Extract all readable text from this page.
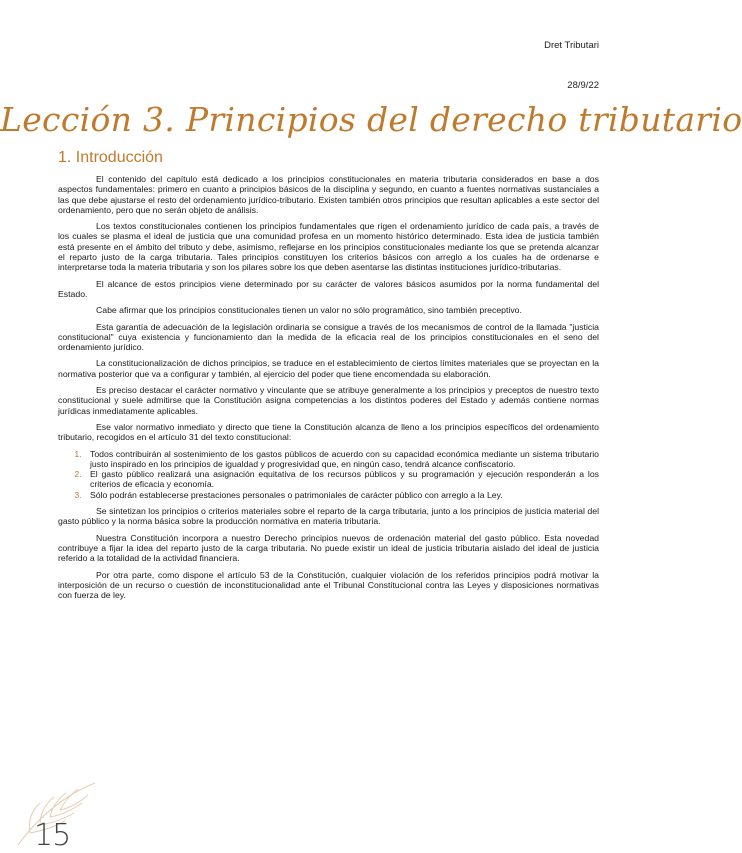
Dret Tributari
28/9/22
Lección 3. Principios del derecho tributario
1. Introducción

El contenido del capítulo está dedicado a los principios constitucionales en materia tributaria considerados en base a dos aspectos fundamentales: primero en cuanto a principios básicos de la disciplina y segundo, en cuanto a fuentes normativas sustanciales a las que debe ajustarse el resto del ordenamiento jurídico-tributario. Existen también otros principios que resultan aplicables a este sector del ordenamiento, pero que no serán objeto de análisis.

Los textos constitucionales contienen los principios fundamentales que rigen el ordenamiento jurídico de cada país, a través de los cuales se plasma el ideal de justicia que una comunidad profesa en un momento histórico determinado. Esta idea de justicia también está presente en el ámbito del tributo y debe, asimismo, reflejarse en los principios constitucionales mediante los que se pretenda alcanzar el reparto justo de la carga tributaria. Tales principios constituyen los criterios básicos con arreglo a los cuales ha de ordenarse e interpretarse toda la materia tributaria y son los pilares sobre los que deben asentarse las distintas instituciones jurídico-tributarias.

El alcance de estos principios viene determinado por su carácter de valores básicos asumidos por la norma fundamental del Estado.

Cabe afirmar que los principios constitucionales tienen un valor no sólo programático, sino también preceptivo.

Esta garantía de adecuación de la legislación ordinaria se consigue a través de los mecanismos de control de la llamada "justicia constitucional" cuya existencia y funcionamiento dan la medida de la eficacia real de los principios constitucionales en el seno del ordenamiento jurídico.

La constitucionalización de dichos principios, se traduce en el establecimiento de ciertos límites materiales que se proyectan en la normativa posterior que va a configurar y también, al ejercicio del poder que tiene encomendada su elaboración.

Es preciso destacar el carácter normativo y vinculante que se atribuye generalmente a los principios y preceptos de nuestro texto constitucional y suele admitirse que la Constitución asigna competencias a los distintos poderes del Estado y además contiene normas jurídicas inmediatamente aplicables.

Ese valor normativo inmediato y directo que tiene la Constitución alcanza de lleno a los principios específicos del ordenamiento tributario, recogidos en el artículo 31 del texto constitucional:

1. Todos contribuirán al sostenimiento de los gastos públicos de acuerdo con su capacidad económica mediante un sistema tributario justo inspirado en los principios de igualdad y progresividad que, en ningún caso, tendrá alcance confiscatorio.
2. El gasto público realizará una asignación equitativa de los recursos públicos y su programación y ejecución responderán a los criterios de eficacia y economía.
3. Sólo podrán establecerse prestaciones personales o patrimoniales de carácter público con arreglo a la Ley.

Se sintetizan los principios o criterios materiales sobre el reparto de la carga tributaria, junto a los principios de justicia material del gasto público y la norma básica sobre la producción normativa en materia tributaria.

Nuestra Constitución incorpora a nuestro Derecho principios nuevos de ordenación material del gasto público. Esta novedad contribuye a fijar la idea del reparto justo de la carga tributaria. No puede existir un ideal de justicia tributaria aislado del ideal de justicia referido a la totalidad de la actividad financiera.

Por otra parte, como dispone el artículo 53 de la Constitución, cualquier violación de los referidos principios podrá motivar la interposición de un recurso o cuestión de inconstitucionalidad ante el Tribunal Constitucional contra las Leyes y disposiciones normativas con fuerza de ley.

15
